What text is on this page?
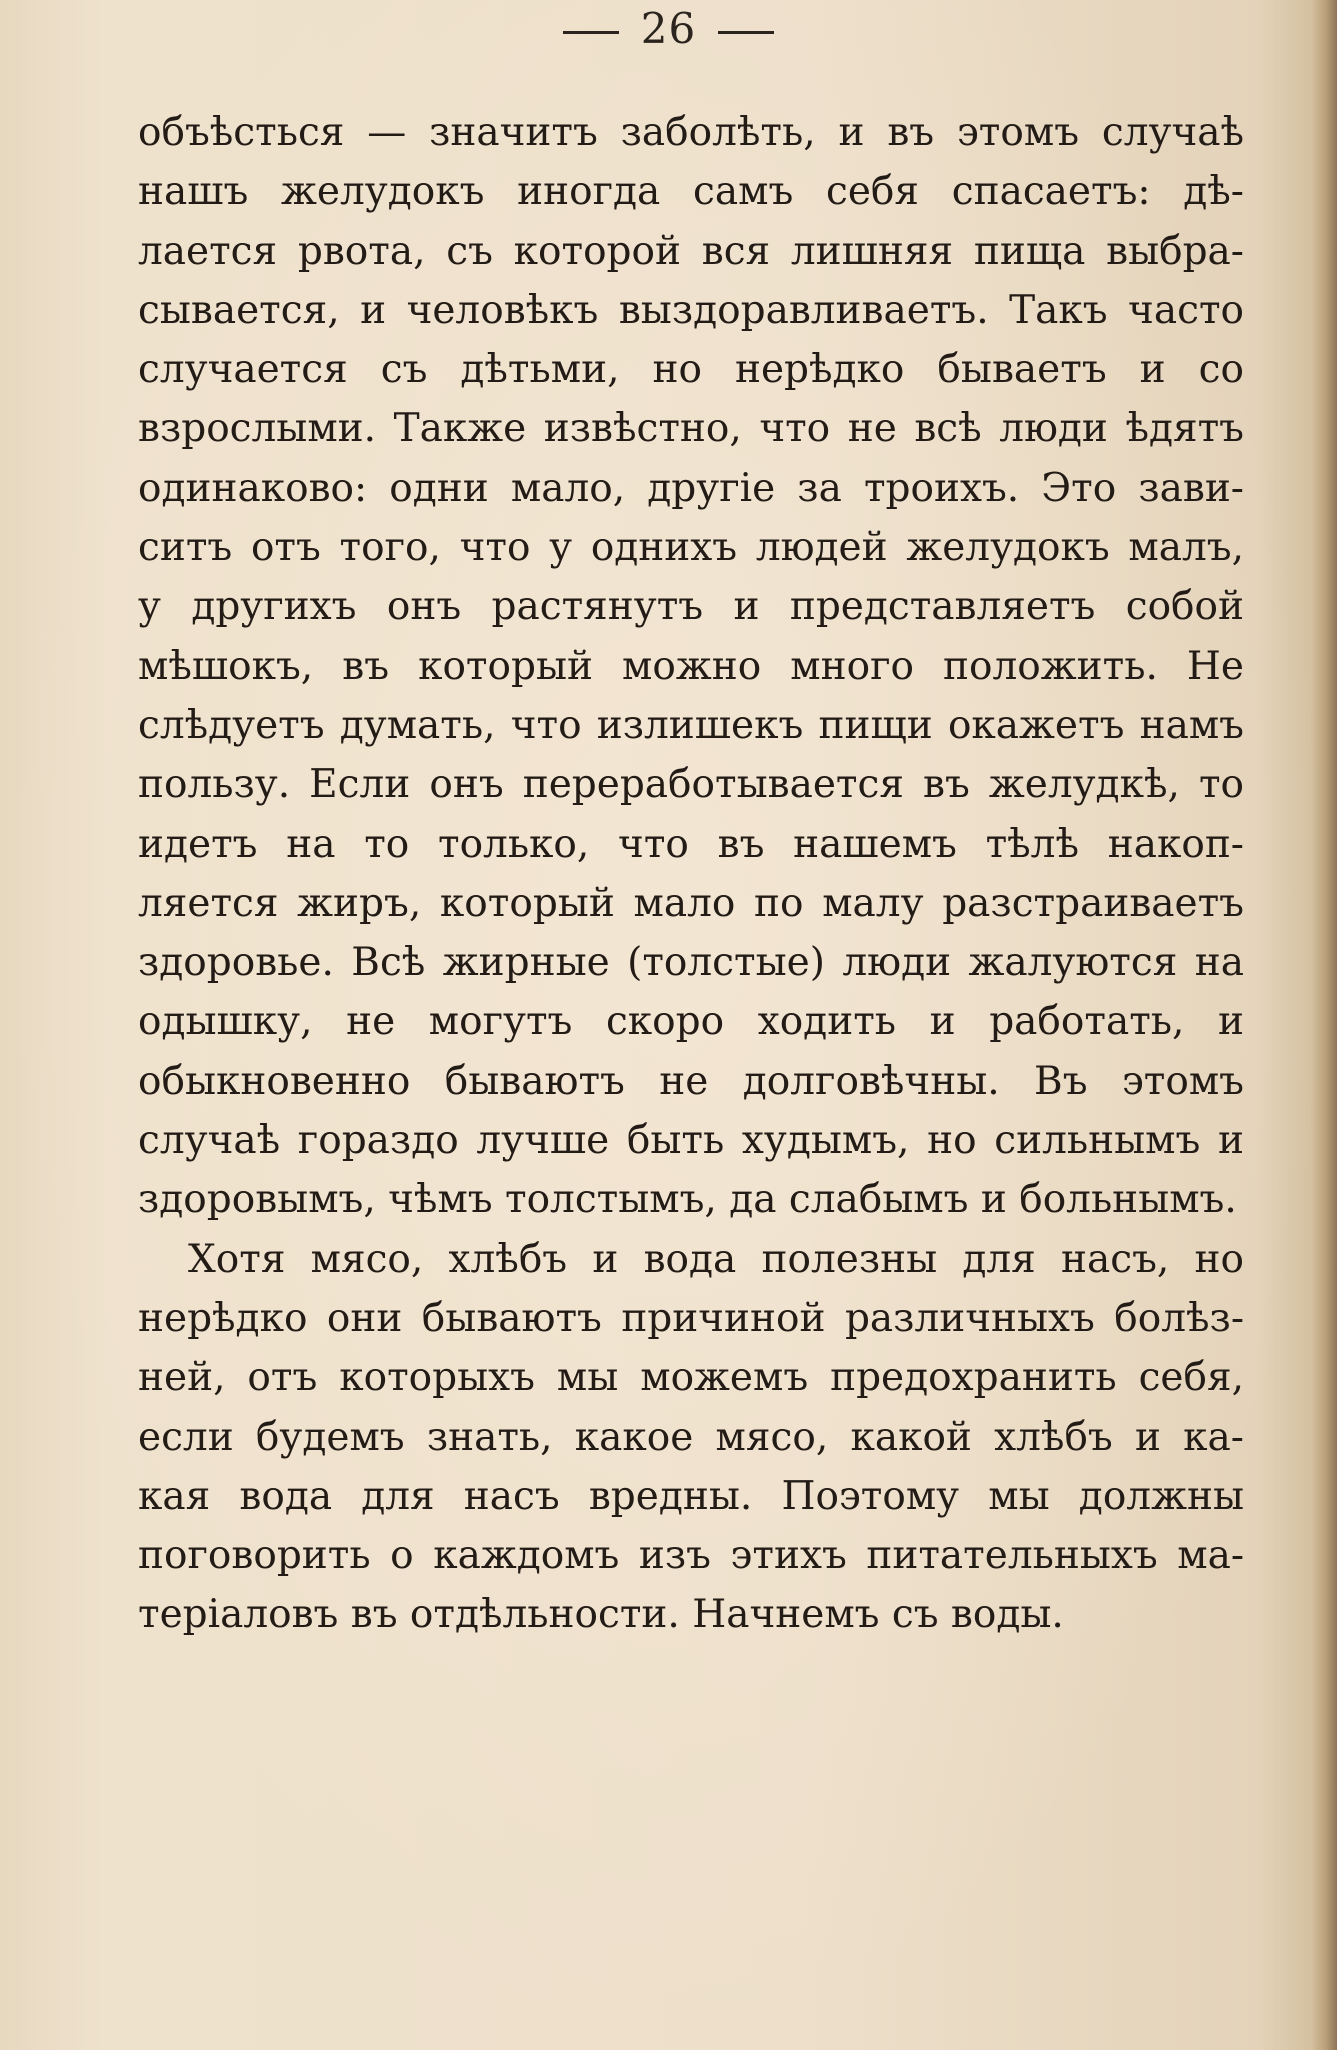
26
объѣсться — значитъ заболѣть, и въ этомъ случаѣ
нашъ желудокъ иногда самъ себя спасаетъ: дѣ-
лается рвота, съ которой вся лишняя пища выбра-
сывается, и человѣкъ выздоравливаетъ. Такъ часто
случается съ дѣтьми, но нерѣдко бываетъ и со
взрослыми. Также извѣстно, что не всѣ люди ѣдятъ
одинаково: одни мало, другіе за троихъ. Это зави-
ситъ отъ того, что у однихъ людей желудокъ малъ,
у другихъ онъ растянутъ и представляетъ собой
мѣшокъ, въ который можно много положить. Не
слѣдуетъ думать, что излишекъ пищи окажетъ намъ
пользу. Если онъ переработывается въ желудкѣ, то
идетъ на то только, что въ нашемъ тѣлѣ накоп-
ляется жиръ, который мало по малу разстраиваетъ
здоровье. Всѣ жирные (толстые) люди жалуются на
одышку, не могутъ скоро ходить и работать, и
обыкновенно бываютъ не долговѣчны. Въ этомъ
случаѣ гораздо лучше быть худымъ, но сильнымъ и
здоровымъ, чѣмъ толстымъ, да слабымъ и больнымъ.
Хотя мясо, хлѣбъ и вода полезны для насъ, но
нерѣдко они бываютъ причиной различныхъ болѣз-
ней, отъ которыхъ мы можемъ предохранить себя,
если будемъ знать, какое мясо, какой хлѣбъ и ка-
кая вода для насъ вредны. Поэтому мы должны
поговорить о каждомъ изъ этихъ питательныхъ ма-
теріаловъ въ отдѣльности. Начнемъ съ воды.
